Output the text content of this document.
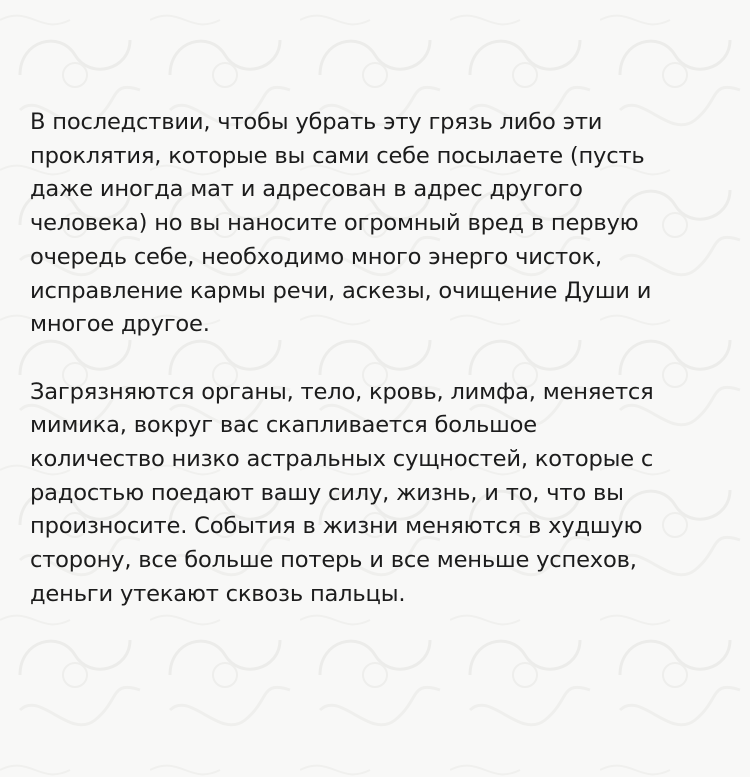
В последствии, чтобы убрать эту грязь либо эти
проклятия, которые вы сами себе посылаете (пусть
даже иногда мат и адресован в адрес другого
человека) но вы наносите огромный вред в первую
очередь себе, необходимо много энерго чисток,
исправление кармы речи, аскезы, очищение Души и
многое другое.
Загрязняются органы, тело, кровь, лимфа, меняется
мимика, вокруг вас скапливается большое
количество низко астральных сущностей, которые с
радостью поедают вашу силу, жизнь, и то, что вы
произносите. События в жизни меняются в худшую
сторону, все больше потерь и все меньше успехов,
деньги утекают сквозь пальцы.
